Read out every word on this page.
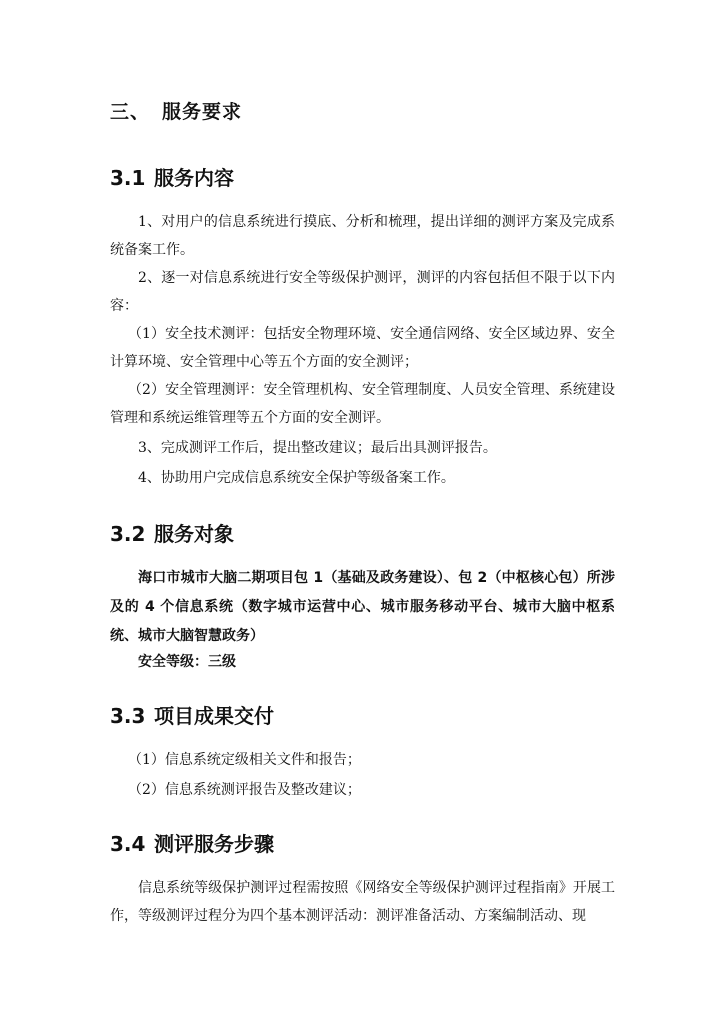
三、 服务要求
3.1 服务内容
1、对用户的信息系统进行摸底、分析和梳理，提出详细的测评方案及完成系统备案工作。
2、逐一对信息系统进行安全等级保护测评，测评的内容包括但不限于以下内容：
（1）安全技术测评：包括安全物理环境、安全通信网络、安全区域边界、安全计算环境、安全管理中心等五个方面的安全测评；
（2）安全管理测评：安全管理机构、安全管理制度、人员安全管理、系统建设管理和系统运维管理等五个方面的安全测评。
3、完成测评工作后，提出整改建议；最后出具测评报告。
4、协助用户完成信息系统安全保护等级备案工作。
3.2 服务对象
海口市城市大脑二期项目包 1（基础及政务建设）、包 2（中枢核心包）所涉及的 4 个信息系统（数字城市运营中心、城市服务移动平台、城市大脑中枢系统、城市大脑智慧政务）
安全等级：三级
3.3 项目成果交付
（1）信息系统定级相关文件和报告；
（2）信息系统测评报告及整改建议；
3.4 测评服务步骤
信息系统等级保护测评过程需按照《网络安全等级保护测评过程指南》开展工作，等级测评过程分为四个基本测评活动：测评准备活动、方案编制活动、现
